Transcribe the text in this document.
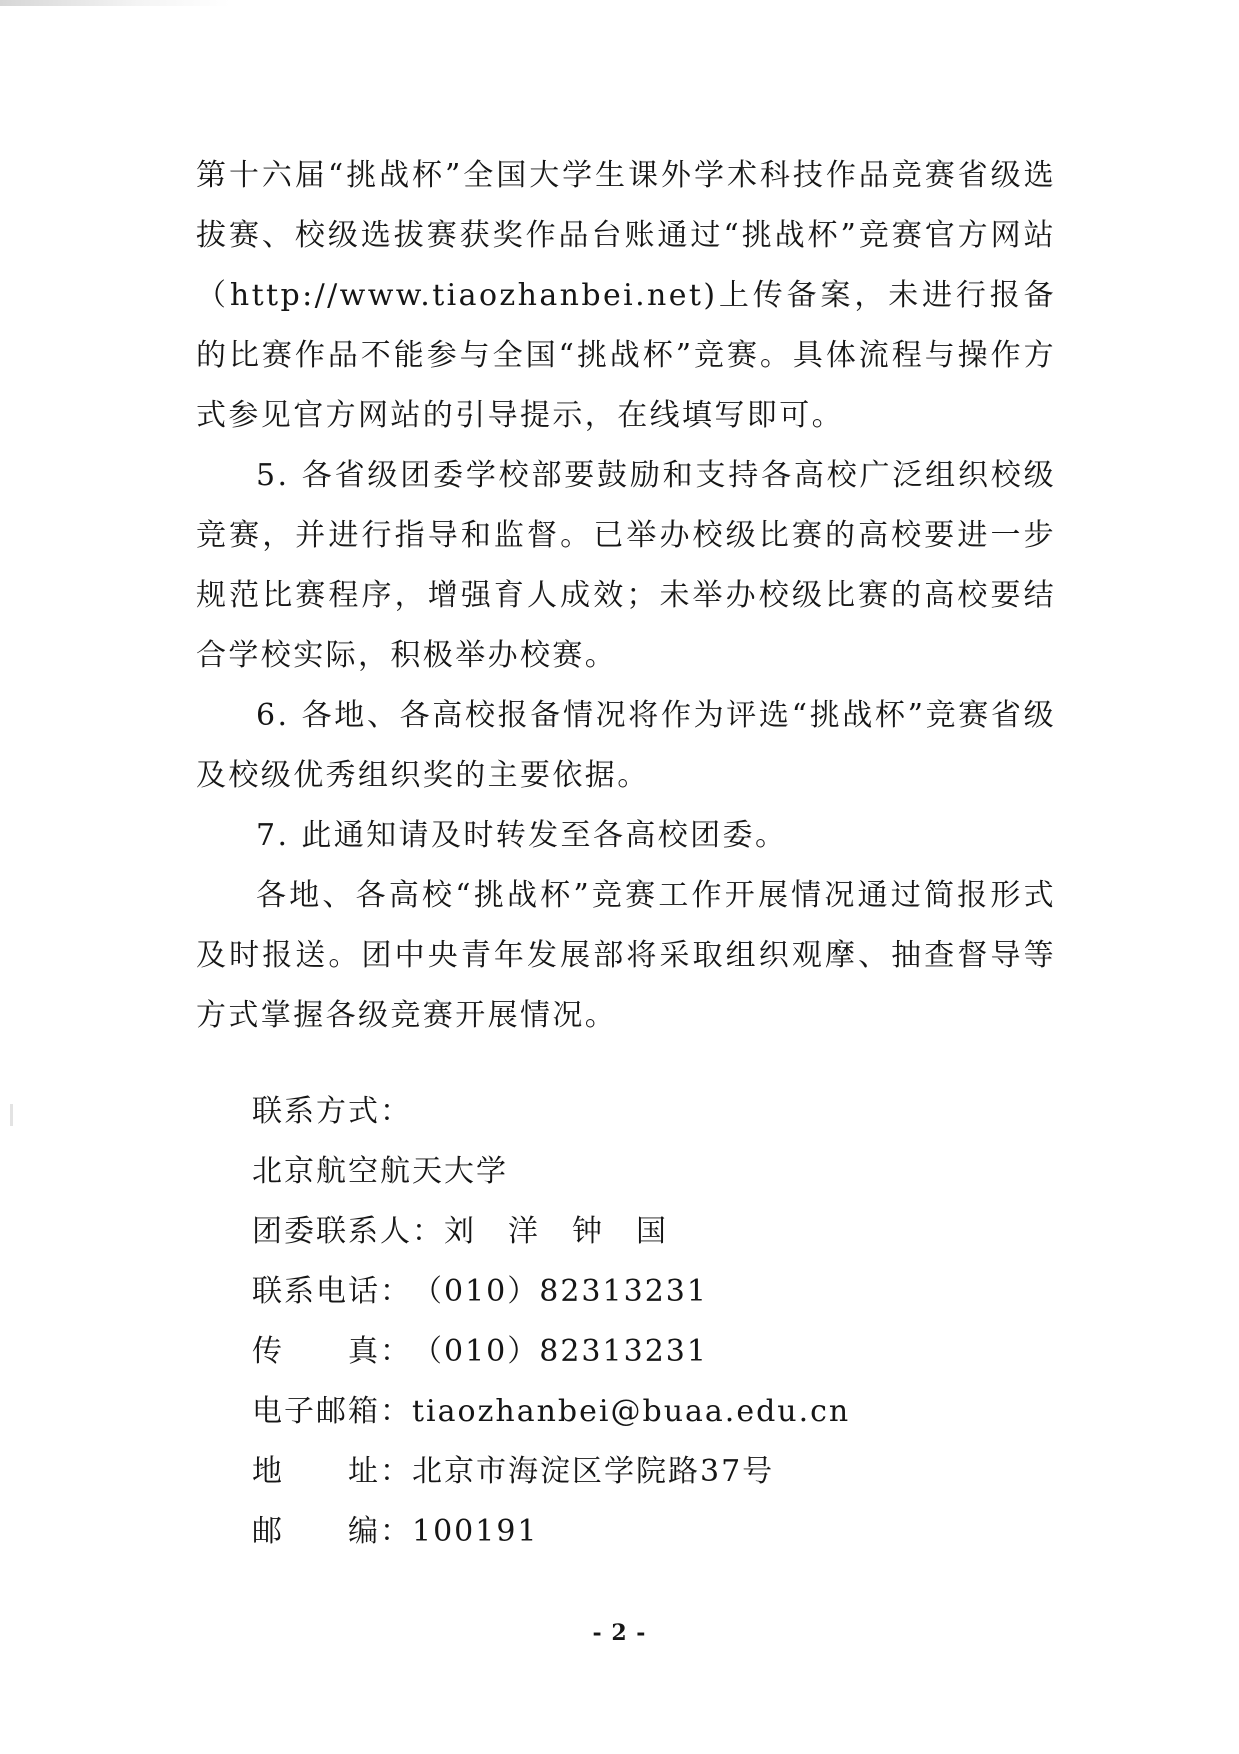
第十六届“挑战杯”全国大学生课外学术科技作品竞赛省级选拔赛、校级选拔赛获奖作品台账通过“挑战杯”竞赛官方网站（http://www.tiaozhanbei.net)上传备案，未进行报备的比赛作品不能参与全国“挑战杯”竞赛。具体流程与操作方式参见官方网站的引导提示，在线填写即可。

5. 各省级团委学校部要鼓励和支持各高校广泛组织校级竞赛，并进行指导和监督。已举办校级比赛的高校要进一步规范比赛程序，增强育人成效；未举办校级比赛的高校要结合学校实际，积极举办校赛。

6. 各地、各高校报备情况将作为评选“挑战杯”竞赛省级及校级优秀组织奖的主要依据。

7. 此通知请及时转发至各高校团委。

各地、各高校“挑战杯”竞赛工作开展情况通过简报形式及时报送。团中央青年发展部将采取组织观摩、抽查督导等方式掌握各级竞赛开展情况。

联系方式：
北京航空航天大学
团委联系人 ： 刘　洋　钟　国
联系电话 ： （010）82313231
传　　真 ： （010）82313231
电子邮箱 ： tiaozhanbei@buaa.edu.cn
地　　址 ： 北京市海淀区学院路37号
邮　　编 ： 100191
- 2 -
